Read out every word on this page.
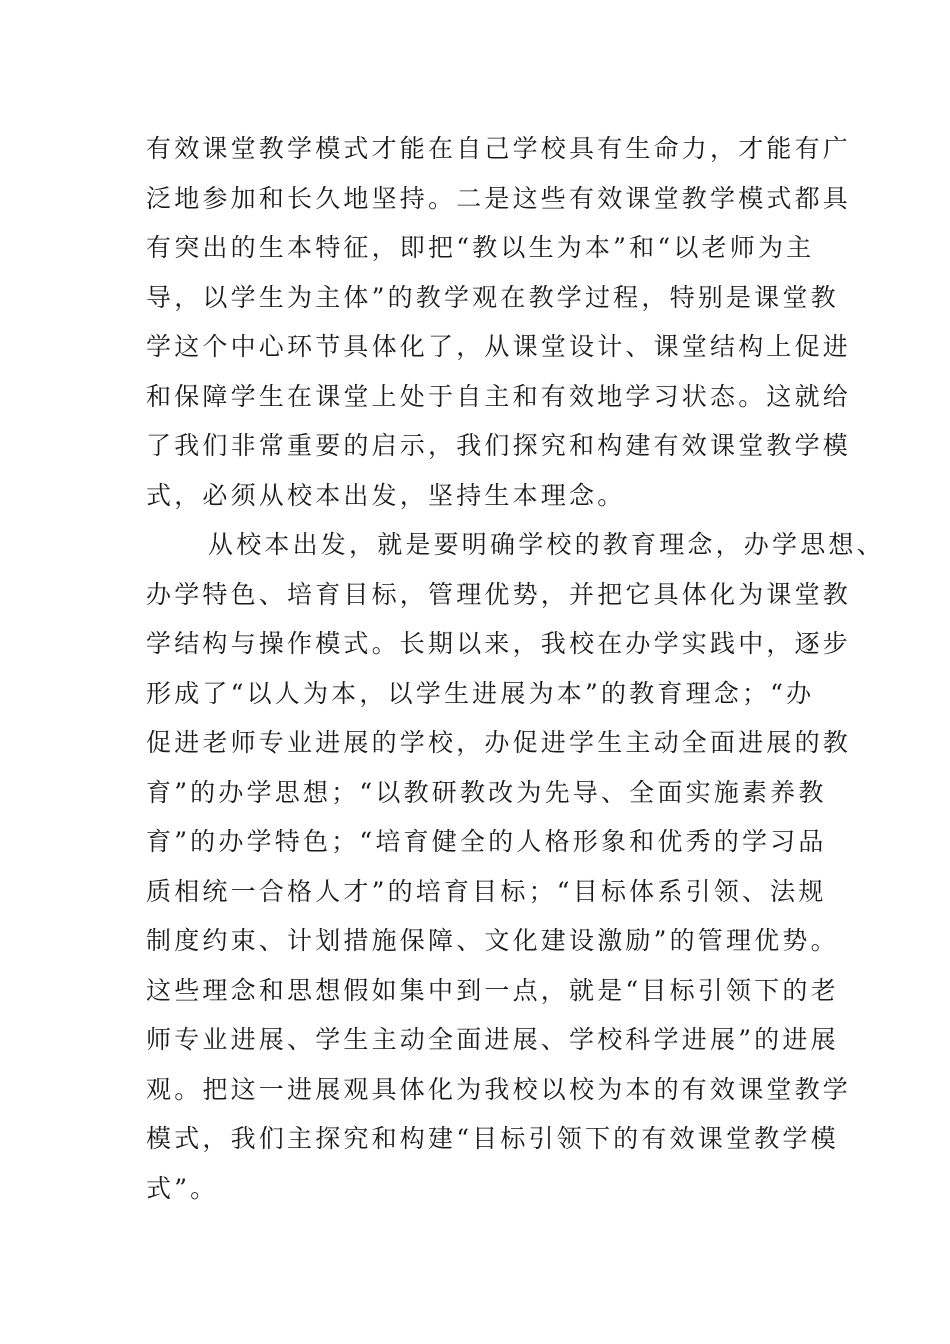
有效课堂教学模式才能在自己学校具有生命力，才能有广
泛地参加和长久地坚持。二是这些有效课堂教学模式都具
有突出的生本特征，即把“教以生为本”和“以老师为主
导，以学生为主体”的教学观在教学过程，特别是课堂教
学这个中心环节具体化了，从课堂设计、课堂结构上促进
和保障学生在课堂上处于自主和有效地学习状态。这就给
了我们非常重要的启示，我们探究和构建有效课堂教学模
式，必须从校本出发，坚持生本理念。
从校本出发，就是要明确学校的教育理念，办学思想、
办学特色、培育目标，管理优势，并把它具体化为课堂教
学结构与操作模式。长期以来，我校在办学实践中，逐步
形成了“以人为本，以学生进展为本”的教育理念；“办
促进老师专业进展的学校，办促进学生主动全面进展的教
育”的办学思想；“以教研教改为先导、全面实施素养教
育”的办学特色；“培育健全的人格形象和优秀的学习品
质相统一合格人才”的培育目标；“目标体系引领、法规
制度约束、计划措施保障、文化建设激励”的管理优势。
这些理念和思想假如集中到一点，就是“目标引领下的老
师专业进展、学生主动全面进展、学校科学进展”的进展
观。把这一进展观具体化为我校以校为本的有效课堂教学
模式，我们主探究和构建“目标引领下的有效课堂教学模
式”。
